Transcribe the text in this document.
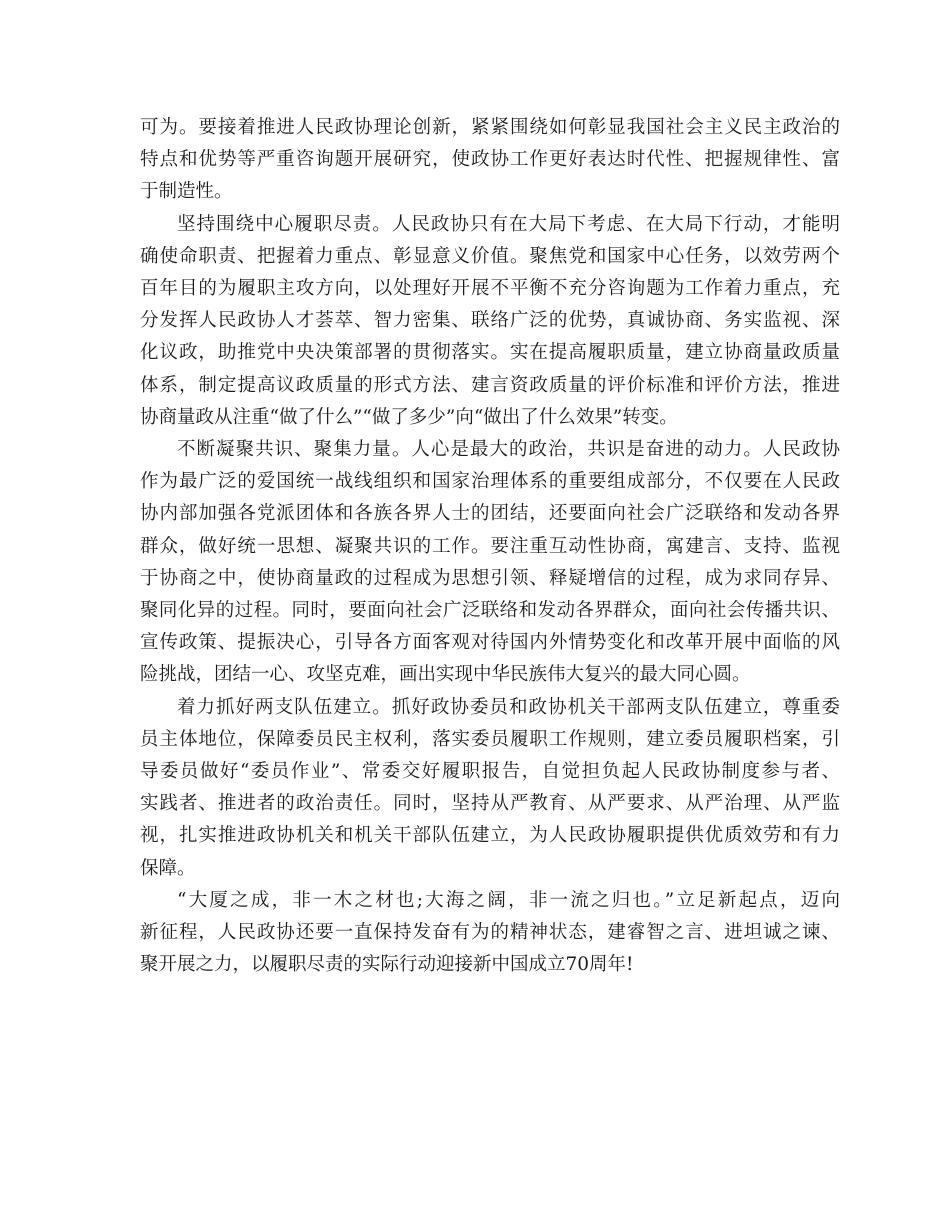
可为。要接着推进人民政协理论创新，紧紧围绕如何彰显我国社会主义民主政治的
特点和优势等严重咨询题开展研究，使政协工作更好表达时代性、把握规律性、富
于制造性。
坚持围绕中心履职尽责。人民政协只有在大局下考虑、在大局下行动，才能明
确使命职责、把握着力重点、彰显意义价值。聚焦党和国家中心任务，以效劳两个
百年目的为履职主攻方向，以处理好开展不平衡不充分咨询题为工作着力重点，充
分发挥人民政协人才荟萃、智力密集、联络广泛的优势，真诚协商、务实监视、深
化议政，助推党中央决策部署的贯彻落实。实在提高履职质量，建立协商量政质量
体系，制定提高议政质量的形式方法、建言资政质量的评价标准和评价方法，推进
协商量政从注重“做了什么”“做了多少”向“做出了什么效果”转变。
不断凝聚共识、聚集力量。人心是最大的政治，共识是奋进的动力。人民政协
作为最广泛的爱国统一战线组织和国家治理体系的重要组成部分，不仅要在人民政
协内部加强各党派团体和各族各界人士的团结，还要面向社会广泛联络和发动各界
群众，做好统一思想、凝聚共识的工作。要注重互动性协商，寓建言、支持、监视
于协商之中，使协商量政的过程成为思想引领、释疑增信的过程，成为求同存异、
聚同化异的过程。同时，要面向社会广泛联络和发动各界群众，面向社会传播共识、
宣传政策、提振决心，引导各方面客观对待国内外情势变化和改革开展中面临的风
险挑战，团结一心、攻坚克难，画出实现中华民族伟大复兴的最大同心圆。
着力抓好两支队伍建立。抓好政协委员和政协机关干部两支队伍建立，尊重委
员主体地位，保障委员民主权利，落实委员履职工作规则，建立委员履职档案，引
导委员做好“委员作业”、常委交好履职报告，自觉担负起人民政协制度参与者、
实践者、推进者的政治责任。同时，坚持从严教育、从严要求、从严治理、从严监
视，扎实推进政协机关和机关干部队伍建立，为人民政协履职提供优质效劳和有力
保障。
“大厦之成，非一木之材也;大海之阔，非一流之归也。”立足新起点，迈向
新征程，人民政协还要一直保持发奋有为的精神状态，建睿智之言、进坦诚之谏、
聚开展之力，以履职尽责的实际行动迎接新中国成立70周年!
